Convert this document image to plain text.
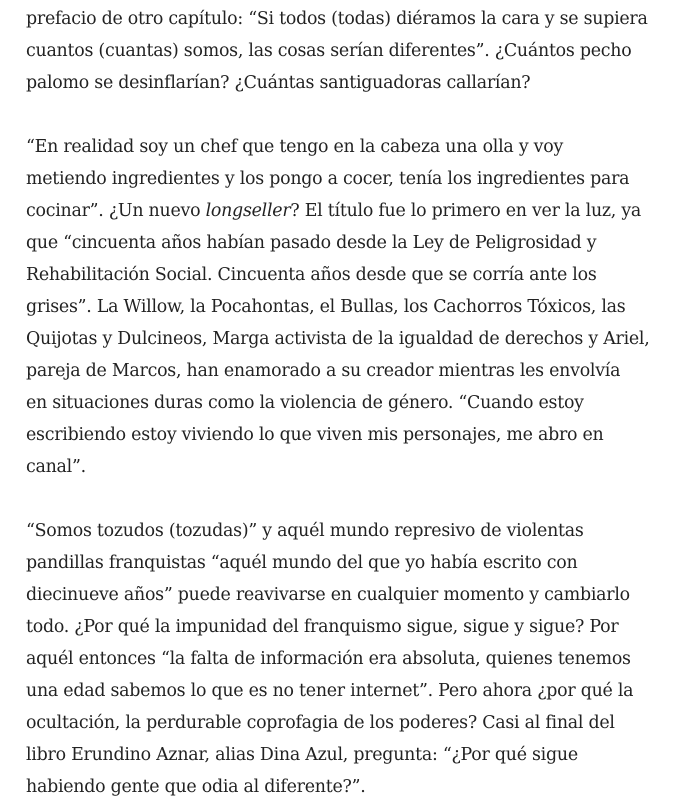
prefacio de otro capítulo: “Si todos (todas) diéramos la cara y se supiera
cuantos (cuantas) somos, las cosas serían diferentes”. ¿Cuántos pecho
palomo se desinflarían? ¿Cuántas santiguadoras callarían?

“En realidad soy un chef que tengo en la cabeza una olla y voy
metiendo ingredientes y los pongo a cocer, tenía los ingredientes para
cocinar”. ¿Un nuevo longseller? El título fue lo primero en ver la luz, ya
que “cincuenta años habían pasado desde la Ley de Peligrosidad y
Rehabilitación Social. Cincuenta años desde que se corría ante los
grises”. La Willow, la Pocahontas, el Bullas, los Cachorros Tóxicos, las
Quijotas y Dulcineos, Marga activista de la igualdad de derechos y Ariel,
pareja de Marcos, han enamorado a su creador mientras les envolvía
en situaciones duras como la violencia de género. “Cuando estoy
escribiendo estoy viviendo lo que viven mis personajes, me abro en
canal”.

“Somos tozudos (tozudas)” y aquél mundo represivo de violentas
pandillas franquistas “aquél mundo del que yo había escrito con
diecinueve años” puede reavivarse en cualquier momento y cambiarlo
todo. ¿Por qué la impunidad del franquismo sigue, sigue y sigue? Por
aquél entonces “la falta de información era absoluta, quienes tenemos
una edad sabemos lo que es no tener internet”. Pero ahora ¿por qué la
ocultación, la perdurable coprofagia de los poderes? Casi al final del
libro Erundino Aznar, alias Dina Azul, pregunta: “¿Por qué sigue
habiendo gente que odia al diferente?”.
